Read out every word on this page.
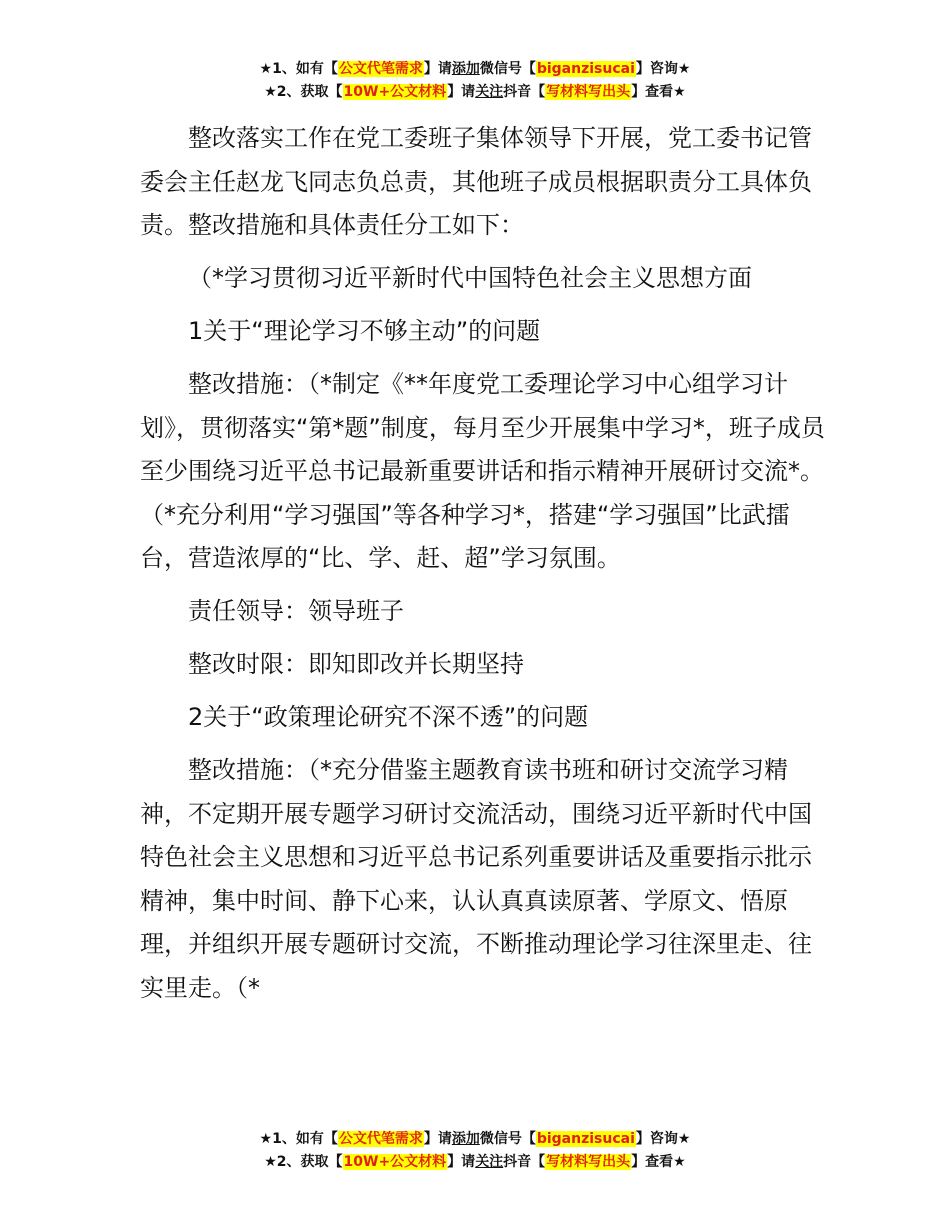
★1、如有【公文代笔需求】请添加微信号【biganzisucai】咨询★
★2、获取【10W+公文材料】请关注抖音【写材料写出头】查看★

整改落实工作在党工委班子集体领导下开展，党工委书记管委会主任赵龙飞同志负总责，其他班子成员根据职责分工具体负责。整改措施和具体责任分工如下：

（*学习贯彻习近平新时代中国特色社会主义思想方面

1关于“理论学习不够主动”的问题

整改措施：（*制定《**年度党工委理论学习中心组学习计划》，贯彻落实“第*题”制度，每月至少开展集中学习*，班子成员至少围绕习近平总书记最新重要讲话和指示精神开展研讨交流*。（*充分利用“学习强国”等各种学习*，搭建“学习强国”比武擂台，营造浓厚的“比、学、赶、超”学习氛围。

责任领导：领导班子

整改时限：即知即改并长期坚持

2关于“政策理论研究不深不透”的问题

整改措施：（*充分借鉴主题教育读书班和研讨交流学习精神，不定期开展专题学习研讨交流活动，围绕习近平新时代中国特色社会主义思想和习近平总书记系列重要讲话及重要指示批示精神，集中时间、静下心来，认认真真读原著、学原文、悟原理，并组织开展专题研讨交流，不断推动理论学习往深里走、往实里走。（*

★1、如有【公文代笔需求】请添加微信号【biganzisucai】咨询★
★2、获取【10W+公文材料】请关注抖音【写材料写出头】查看★
